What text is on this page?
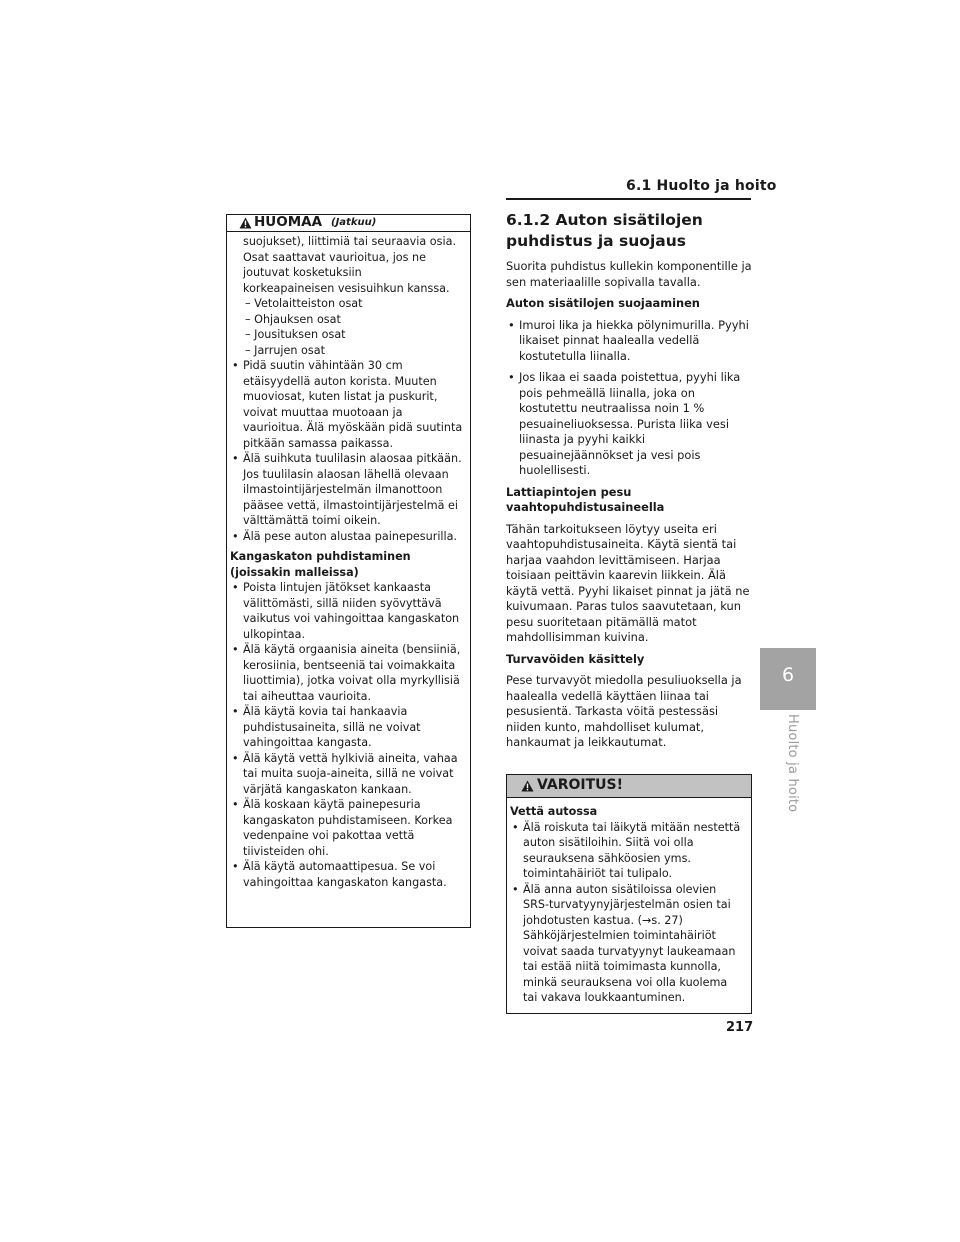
6.1 Huolto ja hoito
6
Huolto ja hoito
HUOMAA (Jatkuu)
suojukset), liittimiä tai seuraavia osia.
Osat saattavat vaurioitua, jos ne
joutuvat kosketuksiin
korkeapaineisen vesisuihkun kanssa.
– Vetolaitteiston osat
– Ohjauksen osat
– Jousituksen osat
– Jarrujen osat
• Pidä suutin vähintään 30 cm etäisyydellä auton korista. Muuten muoviosat, kuten listat ja puskurit, voivat muuttaa muotoaan ja vaurioitua. Älä myöskään pidä suutinta pitkään samassa paikassa.
• Älä suihkuta tuulilasin alaosaa pitkään. Jos tuulilasin alaosan lähellä olevaan ilmastointijärjestelmän ilmanottoon pääsee vettä, ilmastointijärjestelmä ei välttämättä toimi oikein.
• Älä pese auton alustaa painepesurilla.
Kangaskaton puhdistaminen (joissakin malleissa)
• Poista lintujen jätökset kankaasta välittömästi, sillä niiden syövyttävä vaikutus voi vahingoittaa kangaskaton ulkopintaa.
• Älä käytä orgaanisia aineita (bensiiniä, kerosiinia, bentseeniä tai voimakkaita liuottimia), jotka voivat olla myrkyllisiä tai aiheuttaa vaurioita.
• Älä käytä kovia tai hankaavia puhdistusaineita, sillä ne voivat vahingoittaa kangasta.
• Älä käytä vettä hylkiviä aineita, vahaa tai muita suoja-aineita, sillä ne voivat värjätä kangaskaton kankaan.
• Älä koskaan käytä painepesuria kangaskaton puhdistamiseen. Korkea vedenpaine voi pakottaa vettä tiivisteiden ohi.
• Älä käytä automaattipesua. Se voi vahingoittaa kangaskaton kangasta.
6.1.2 Auton sisätilojen puhdistus ja suojaus
Suorita puhdistus kullekin komponentille ja sen materiaalille sopivalla tavalla.
Auton sisätilojen suojaaminen
• Imuroi lika ja hiekka pölynimurilla. Pyyhi likaiset pinnat haalealla vedellä kostutetulla liinalla.
• Jos likaa ei saada poistettua, pyyhi lika pois pehmeällä liinalla, joka on kostutettu neutraalissa noin 1 % pesuaineliuoksessa. Purista liika vesi liinasta ja pyyhi kaikki pesuainejäännökset ja vesi pois huolellisesti.
Lattiapintojen pesu vaahtopuhdistusaineella
Tähän tarkoitukseen löytyy useita eri vaahtopuhdistusaineita. Käytä sientä tai harjaa vaahdon levittämiseen. Harjaa toisiaan peittävin kaarevin liikkein. Älä käytä vettä. Pyyhi likaiset pinnat ja jätä ne kuivumaan. Paras tulos saavutetaan, kun pesu suoritetaan pitämällä matot mahdollisimman kuivina.
Turvavöiden käsittely
Pese turvavyöt miedolla pesuliuoksella ja haalealla vedellä käyttäen liinaa tai pesusientä. Tarkasta vöitä pestessäsi niiden kunto, mahdolliset kulumat, hankaumat ja leikkautumat.
VAROITUS!
Vettä autossa
• Älä roiskuta tai läikytä mitään nestettä auton sisätiloihin. Siitä voi olla seurauksena sähköosien yms. toimintahäiriöt tai tulipalo.
• Älä anna auton sisätiloissa olevien SRS-turvatyynyjärjestelmän osien tai johdotusten kastua. (→s. 27) Sähköjärjestelmien toimintahäiriöt voivat saada turvatyynyt laukeamaan tai estää niitä toimimasta kunnolla, minkä seurauksena voi olla kuolema tai vakava loukkaantuminen.
217
